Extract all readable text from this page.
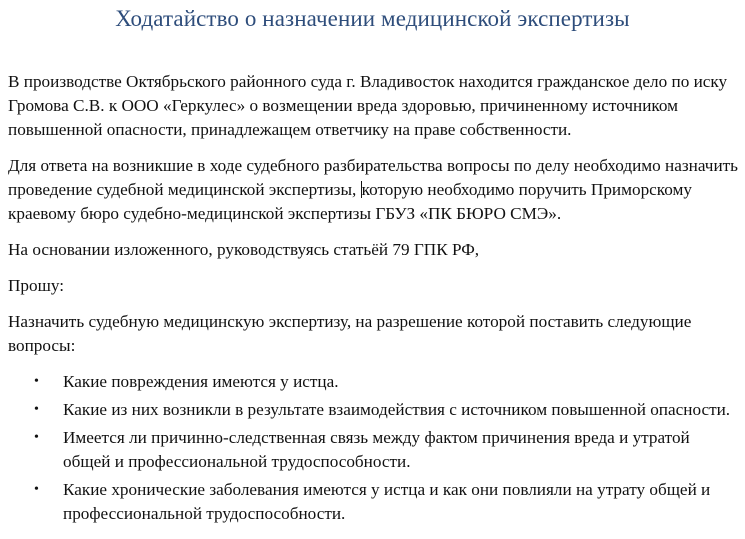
Ходатайство о назначении медицинской экспертизы

В производстве Октябрьского районного суда г. Владивосток находится гражданское дело по иску Громова С.В. к ООО «Геркулес» о возмещении вреда здоровью, причиненному источником повышенной опасности, принадлежащем ответчику на праве собственности.

Для ответа на возникшие в ходе судебного разбирательства вопросы по делу необходимо назначить проведение судебной медицинской экспертизы, которую необходимо поручить Приморскому краевому бюро судебно-медицинской экспертизы ГБУЗ «ПК БЮРО СМЭ».

На основании изложенного, руководствуясь статьёй 79 ГПК РФ,

Прошу:

Назначить судебную медицинскую экспертизу, на разрешение которой поставить следующие вопросы:

• Какие повреждения имеются у истца.
• Какие из них возникли в результате взаимодействия с источником повышенной опасности.
• Имеется ли причинно-следственная связь между фактом причинения вреда и утратой общей и профессиональной трудоспособности.
• Какие хронические заболевания имеются у истца и как они повлияли на утрату общей и профессиональной трудоспособности.
